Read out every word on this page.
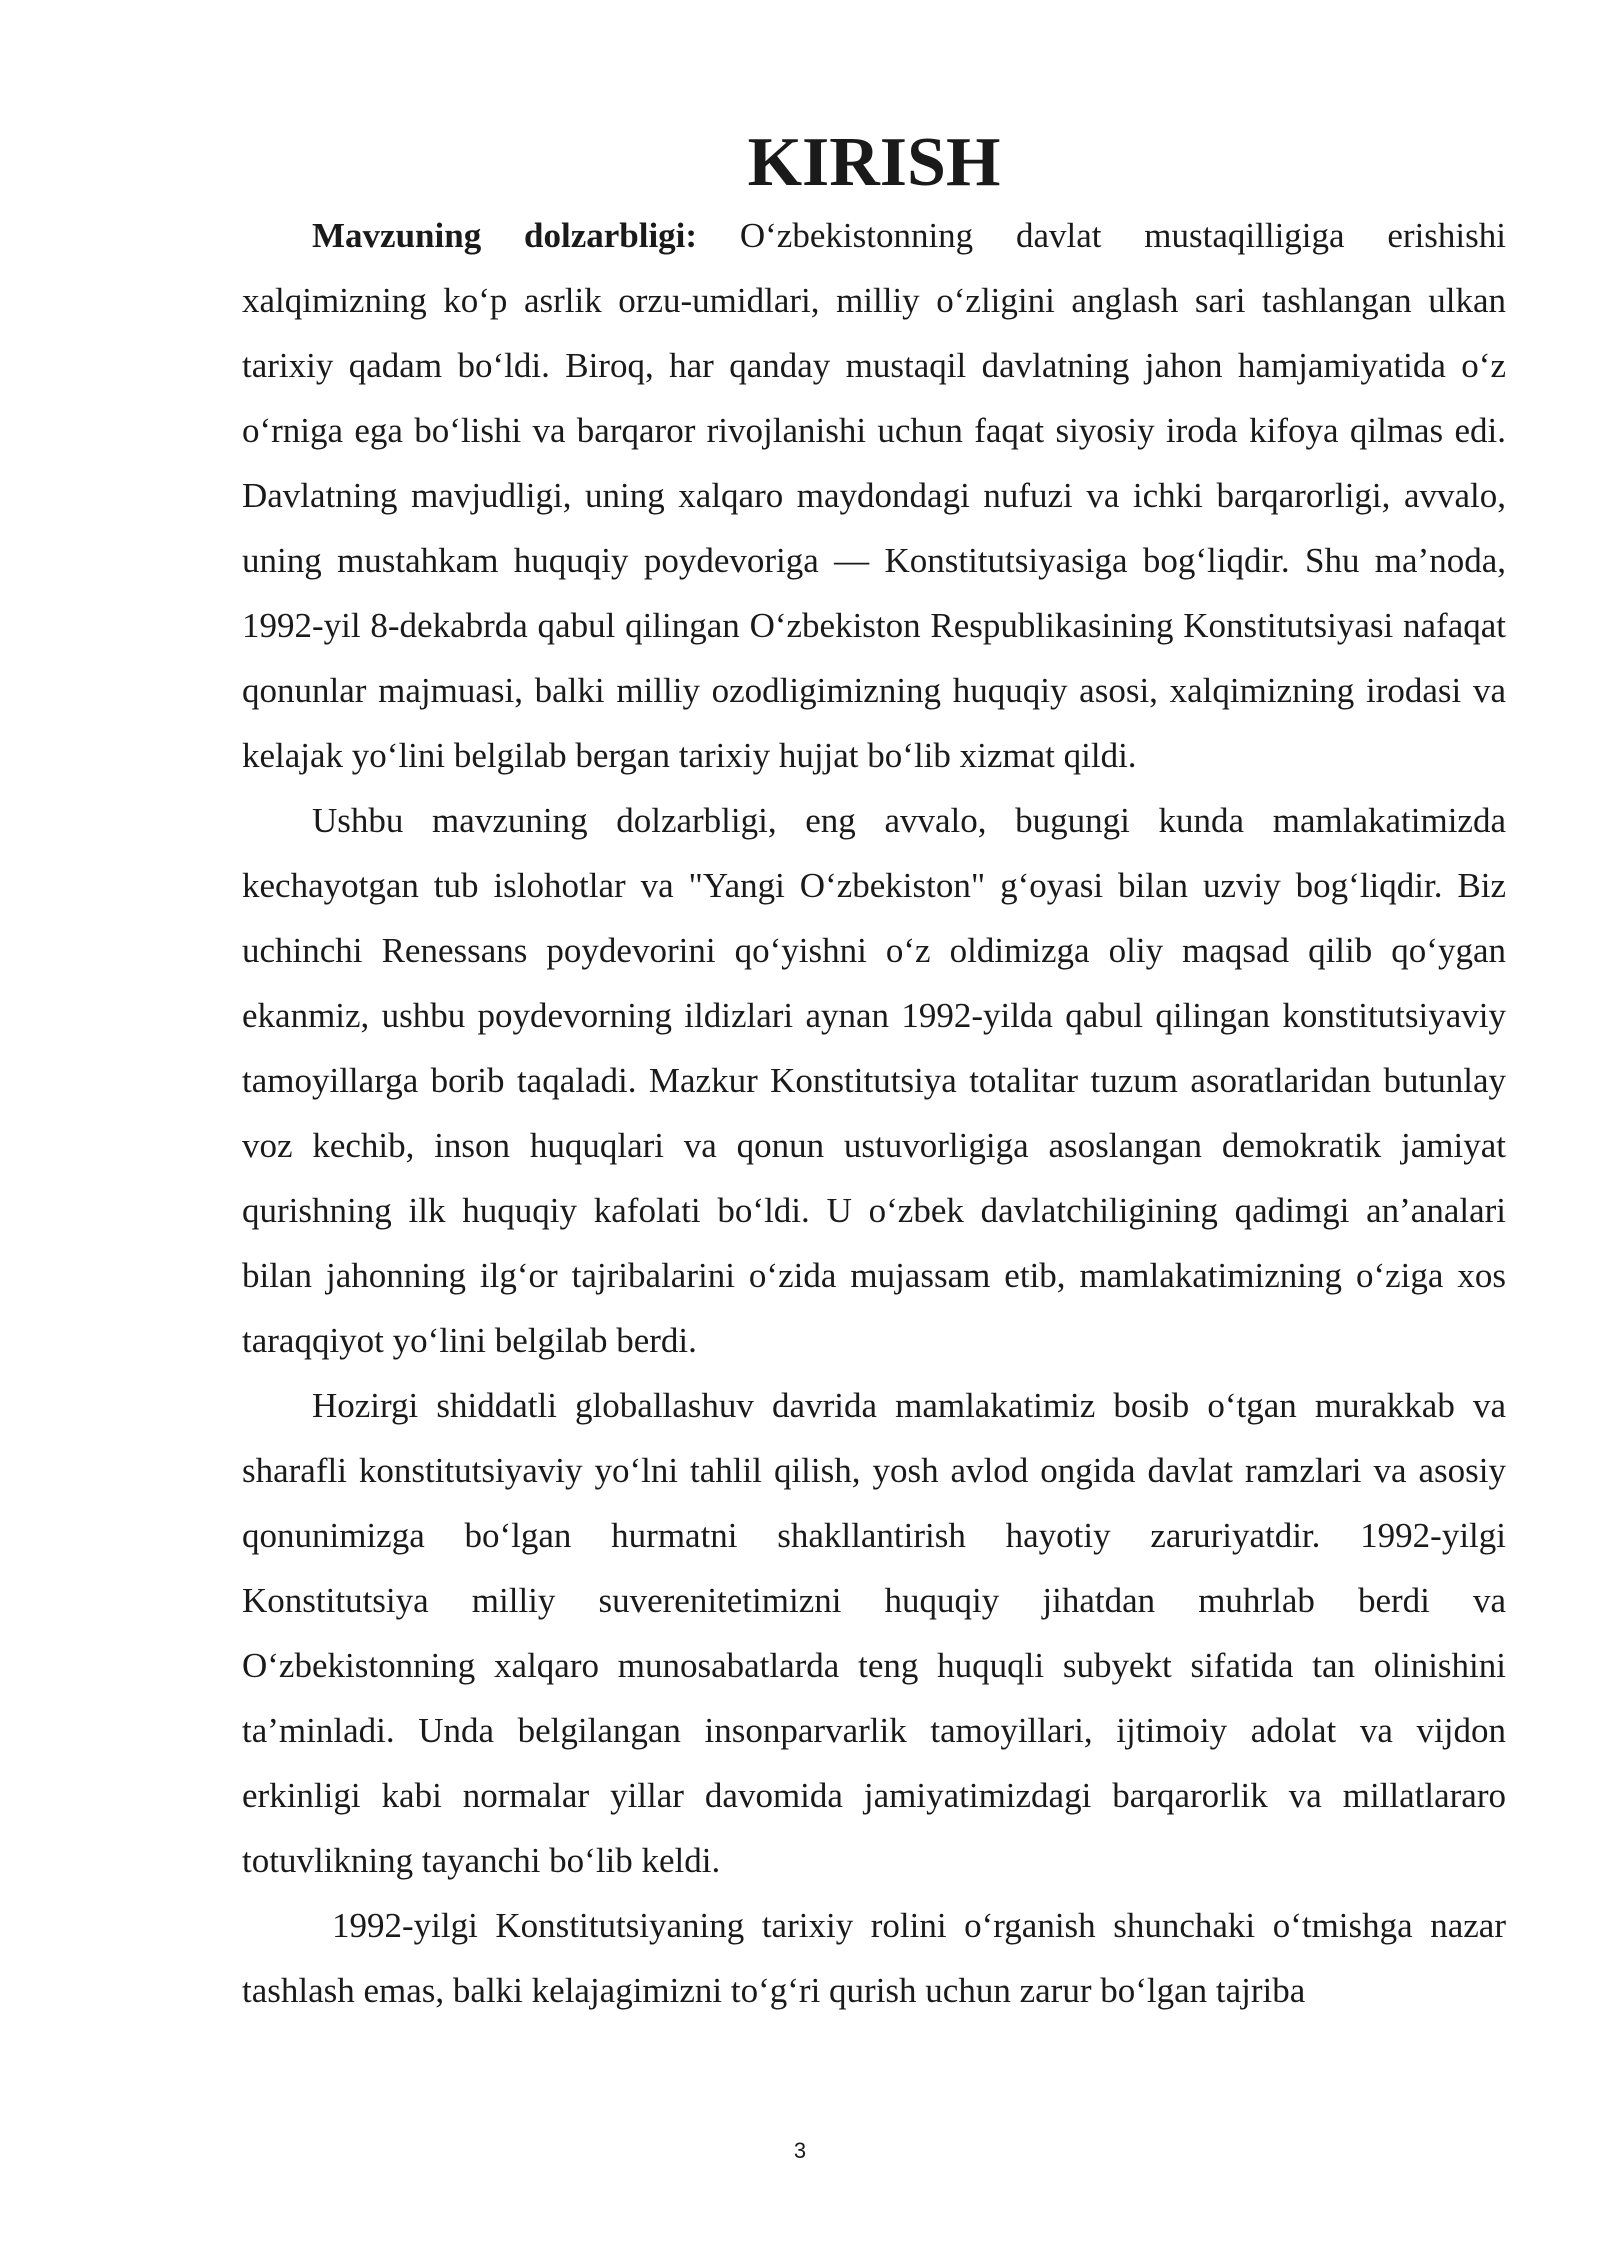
KIRISH

Mavzuning dolzarbligi: O‘zbekistonning davlat mustaqilligiga erishishi xalqimizning ko‘p asrlik orzu-umidlari, milliy o‘zligini anglash sari tashlangan ulkan tarixiy qadam bo‘ldi. Biroq, har qanday mustaqil davlatning jahon hamjamiyatida o‘z o‘rniga ega bo‘lishi va barqaror rivojlanishi uchun faqat siyosiy iroda kifoya qilmas edi. Davlatning mavjudligi, uning xalqaro maydondagi nufuzi va ichki barqarorligi, avvalo, uning mustahkam huquqiy poydevoriga — Konstitutsiyasiga bog‘liqdir. Shu ma’noda, 1992-yil 8-dekabrda qabul qilingan O‘zbekiston Respublikasining Konstitutsiyasi nafaqat qonunlar majmuasi, balki milliy ozodligimizning huquqiy asosi, xalqimizning irodasi va kelajak yo‘lini belgilab bergan tarixiy hujjat bo‘lib xizmat qildi.

Ushbu mavzuning dolzarbligi, eng avvalo, bugungi kunda mamlakatimizda kechayotgan tub islohotlar va "Yangi O‘zbekiston" g‘oyasi bilan uzviy bog‘liqdir. Biz uchinchi Renessans poydevorini qo‘yishni o‘z oldimizga oliy maqsad qilib qo‘ygan ekanmiz, ushbu poydevorning ildizlari aynan 1992-yilda qabul qilingan konstitutsiyaviy tamoyillarga borib taqaladi. Mazkur Konstitutsiya totalitar tuzum asoratlaridan butunlay voz kechib, inson huquqlari va qonun ustuvorligiga asoslangan demokratik jamiyat qurishning ilk huquqiy kafolati bo‘ldi. U o‘zbek davlatchiligining qadimgi an’analari bilan jahonning ilg‘or tajribalarini o‘zida mujassam etib, mamlakatimizning o‘ziga xos taraqqiyot yo‘lini belgilab berdi.

Hozirgi shiddatli globallashuv davrida mamlakatimiz bosib o‘tgan murakkab va sharafli konstitutsiyaviy yo‘lni tahlil qilish, yosh avlod ongida davlat ramzlari va asosiy qonunimizga bo‘lgan hurmatni shakllantirish hayotiy zaruriyatdir. 1992-yilgi Konstitutsiya milliy suverenitetimizni huquqiy jihatdan muhrlab berdi va O‘zbekistonning xalqaro munosabatlarda teng huquqli subyekt sifatida tan olinishini ta’minladi. Unda belgilangan insonparvarlik tamoyillari, ijtimoiy adolat va vijdon erkinligi kabi normalar yillar davomida jamiyatimizdagi barqarorlik va millatlararo totuvlikning tayanchi bo‘lib keldi.

1992-yilgi Konstitutsiyaning tarixiy rolini o‘rganish shunchaki o‘tmishga nazar tashlash emas, balki kelajagimizni to‘g‘ri qurish uchun zarur bo‘lgan tajriba

3
